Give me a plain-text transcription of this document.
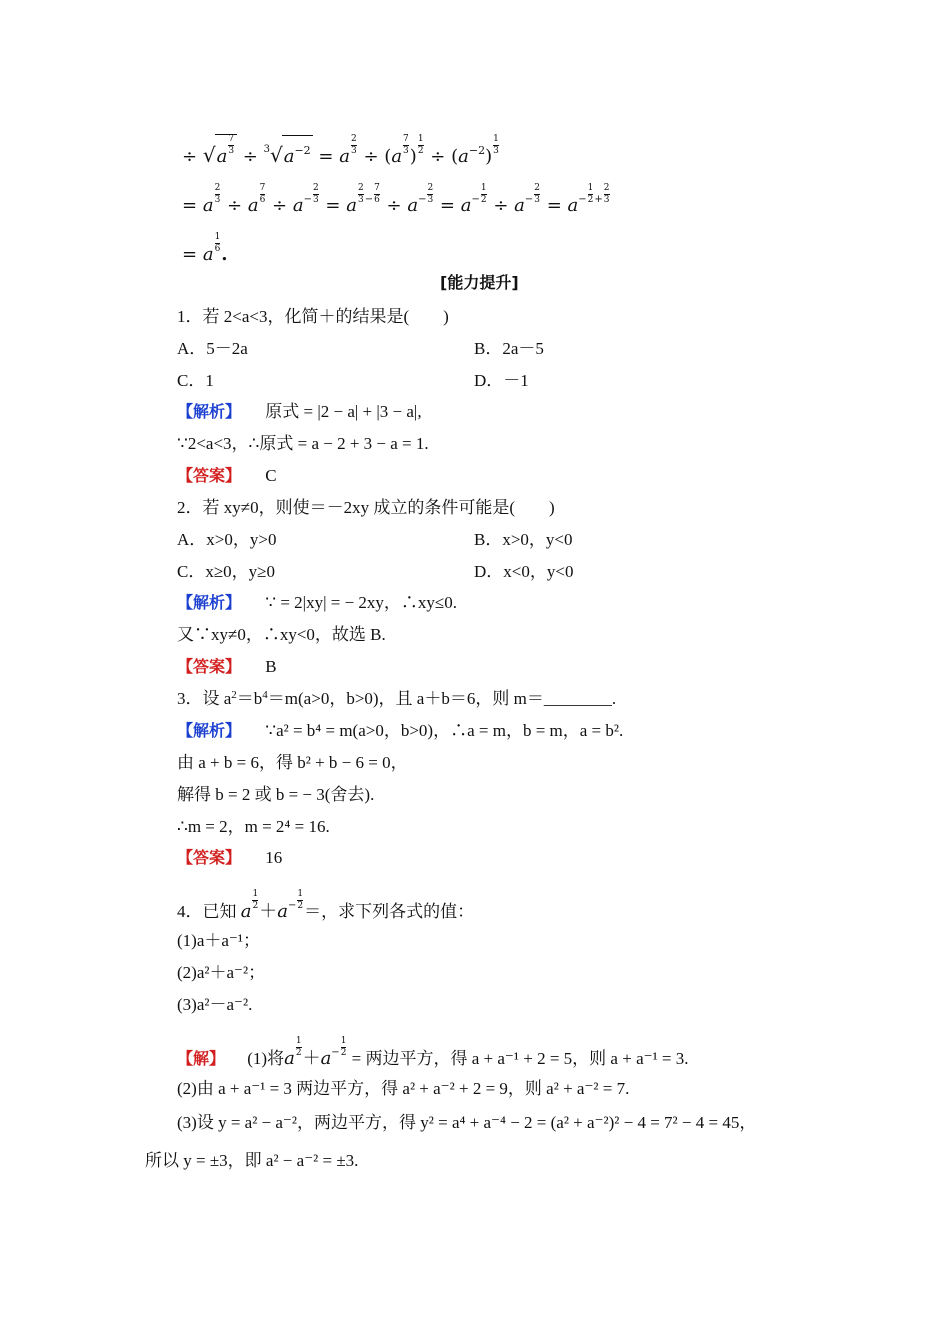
÷ √a
$\frac{7}{3}$
÷ $^3√a^{-2} = a$
$\frac{2}{3}$
÷ (a
$\frac{7}{3}$
)
$\frac{1}{2}$
÷ $(a^{-2})$
$\frac{1}{3}$
= a
$\frac{2}{3}$
÷ a
$\frac{7}{6}$
÷ $a^- \frac{2}{3}$
= a
$\frac{2}{3} ^- \frac{7}{6}$
÷ $a^- \frac{2}{3}$
= $a^- \frac{1}{2}$
÷ $a^- \frac{2}{3}$
= $a^- \frac{1}{2} ^+ \frac{2}{3}$
= a
$\frac{1}{6}$
.
[能力提升]
1．若 2<a<3，化简＋的结果是(　　)
A．5－2a	B．2a－5
C．1	D．－1
【解析】 原式 = |2 − a| + |3 − a|,
∵2<a<3，∴原式 = a − 2 + 3 − a = 1.
【答案】 C
2．若 xy≠0，则使＝－2xy 成立的条件可能是(　　)
A．x>0，y>0	B．x>0，y<0
C．x≥0，y≥0	D．x<0，y<0
【解析】 ∵ = 2|xy| = − 2xy，∴xy≤0.
又∵xy≠0，∴xy<0，故选 B.
【答案】 B
3．设 $a^2=b^4=m(a>0$，b>0)，且 a＋b＝6，则 m＝________.
【解析】 ∵a² = b⁴ = m(a>0，b>0)，∴a = m，b = m，a = b².
由 a + b = 6，得 b² + b − 6 = 0，
解得 b = 2 或 b = − 3(舍去).
∴m = 2，m = 2⁴ = 16.
【答案】 16
4．已知 a
$\frac{1}{2}$
$+a^- \frac{1}{2}$
＝，求下列各式的值：
(1)a＋a⁻¹；
(2)a²＋a⁻²；
(3)a²－a⁻².
【解】 (1)将a
$\frac{1}{2}$
$+a^- \frac{1}{2}$
= 两边平方，得 a + a⁻¹ + 2 = 5，则 a + a⁻¹ = 3.
(2)由 a + a⁻¹ = 3 两边平方，得 a² + a⁻² + 2 = 9，则 a² + a⁻² = 7.
(3)设 y = a² − a⁻²，两边平方，得 y² = a⁴ + a⁻⁴ − 2 = (a² + a⁻²)² − 4 = 7² − 4 = 45，
所以 y = ±3，即 a² − a⁻² = ±3.
